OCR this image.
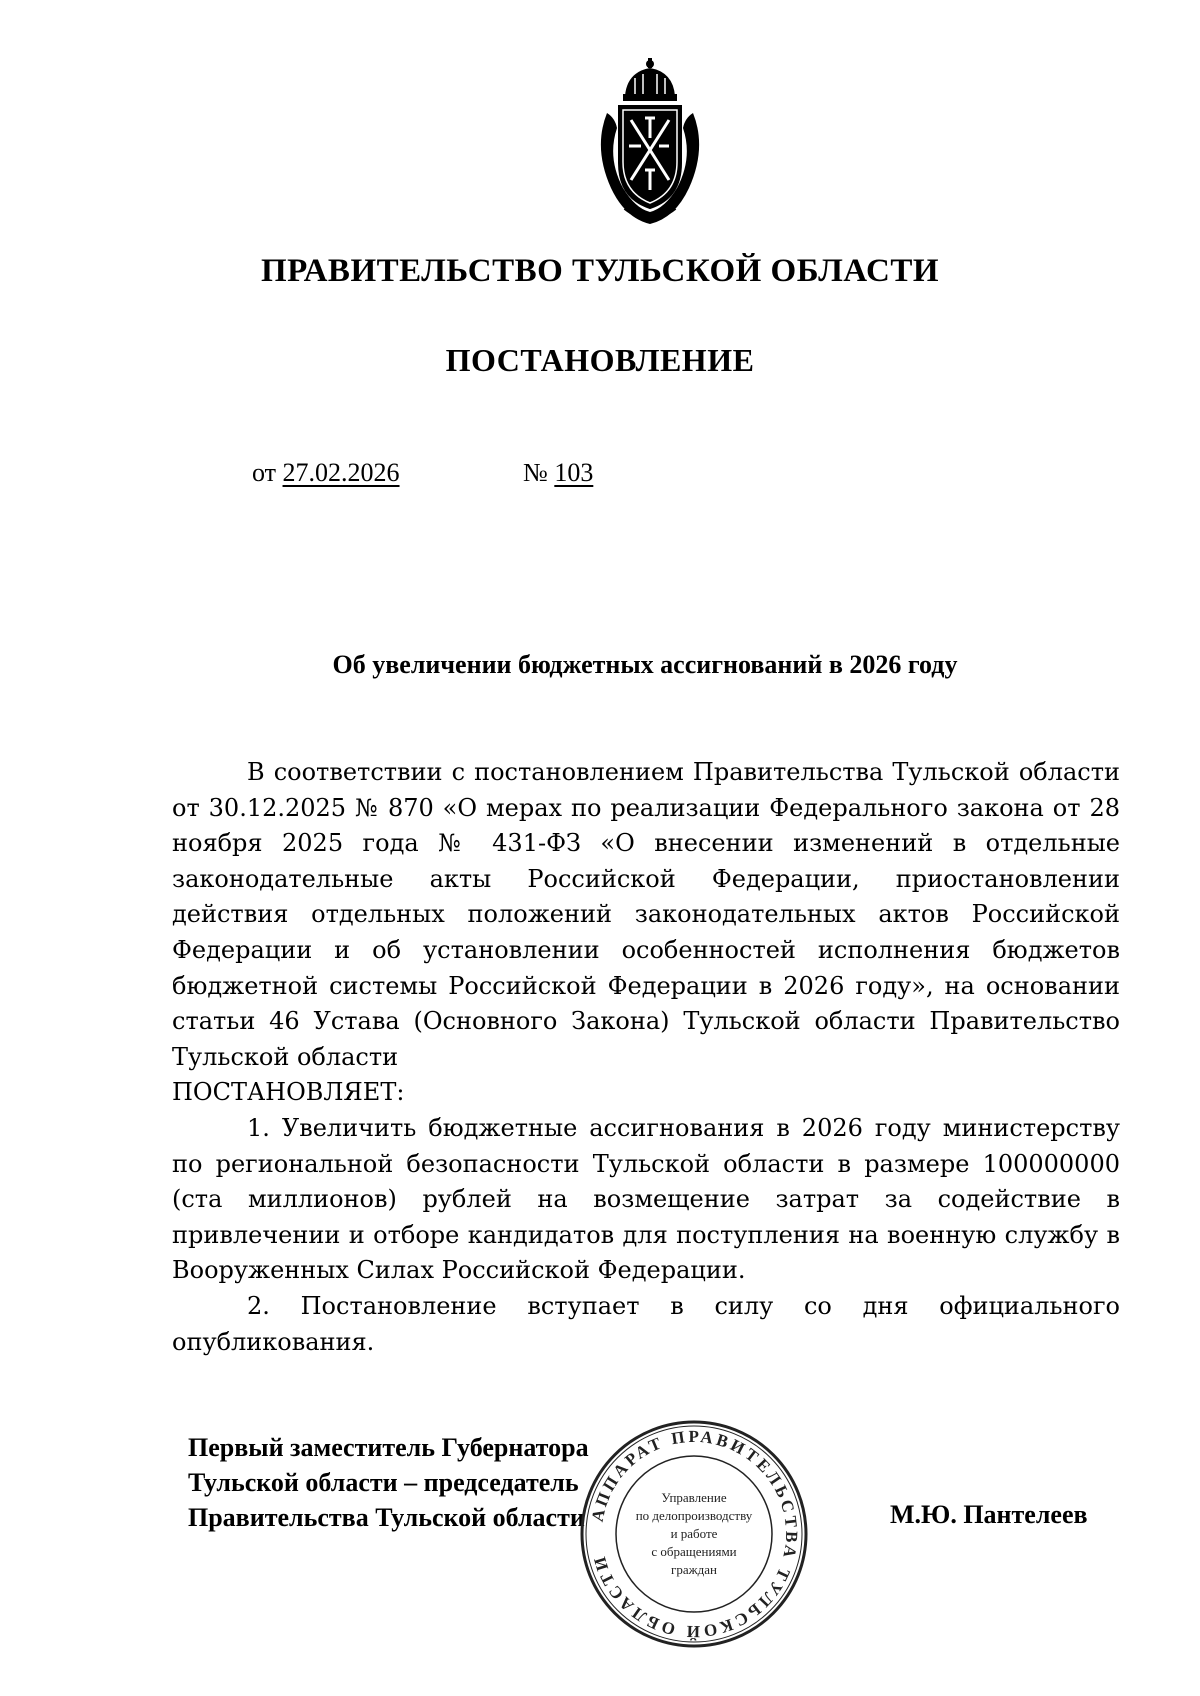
ПРАВИТЕЛЬСТВО ТУЛЬСКОЙ ОБЛАСТИ
ПОСТАНОВЛЕНИЕ
от 27.02.2026	№ 103
Об увеличении бюджетных ассигнований в 2026 году

В соответствии с постановлением Правительства Тульской области от 30.12.2025 № 870 «О мерах по реализации Федерального закона от 28 ноября 2025 года № 431-ФЗ «О внесении изменений в отдельные законодательные акты Российской Федерации, приостановлении действия отдельных положений законодательных актов Российской Федерации и об установлении особенностей исполнения бюджетов бюджетной системы Российской Федерации в 2026 году», на основании статьи 46 Устава (Основного Закона) Тульской области Правительство Тульской области

ПОСТАНОВЛЯЕТ:

1. Увеличить бюджетные ассигнования в 2026 году министерству по региональной безопасности Тульской области в размере 100000000 (ста миллионов) рублей на возмещение затрат за содействие в привлечении и отборе кандидатов для поступления на военную службу в Вооруженных Силах Российской Федерации.

2. Постановление вступает в силу со дня официального опубликования.

Первый заместитель Губернатора
Тульской области – председатель
Правительства Тульской области	М.Ю. Пантелеев
АППАРАТ ПРАВИТЕЛЬСТВА ТУЛЬСКОЙ ОБЛАСТИ
Управление
по делопроизводству
и работе
с обращениями
граждан
